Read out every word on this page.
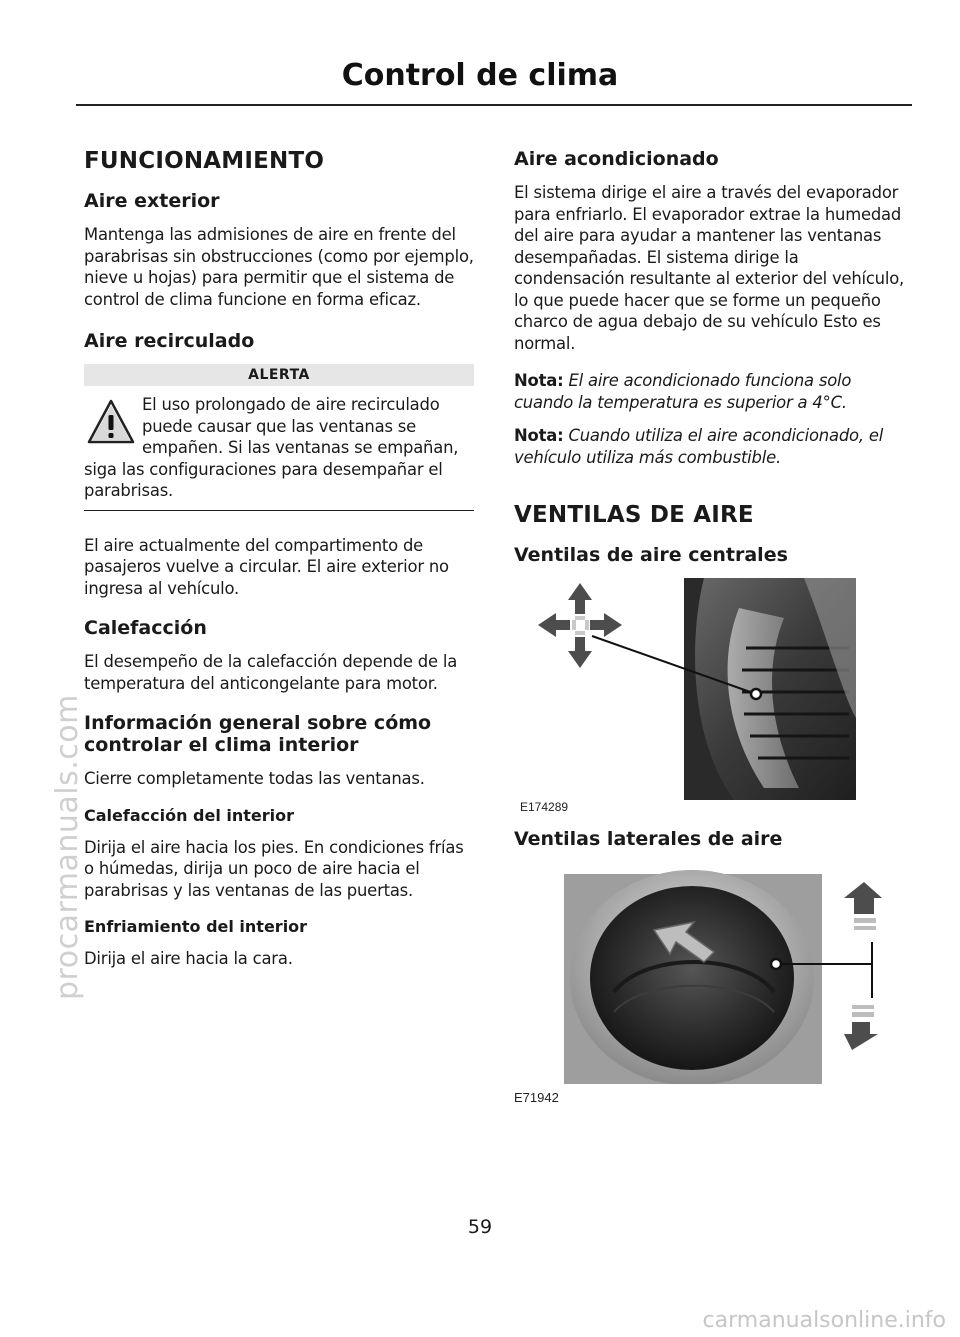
Control de clima
FUNCIONAMIENTO
Aire exterior

Mantenga las admisiones de aire en frente del parabrisas sin obstrucciones (como por ejemplo, nieve u hojas) para permitir que el sistema de control de clima funcione en forma eficaz.

Aire recirculado
ALERTA

El uso prolongado de aire recirculado puede causar que las ventanas se empañen. Si las ventanas se empañan, siga las configuraciones para desempañar el parabrisas.

El aire actualmente del compartimento de pasajeros vuelve a circular. El aire exterior no ingresa al vehículo.

Calefacción

El desempeño de la calefacción depende de la temperatura del anticongelante para motor.

Información general sobre cómo controlar el clima interior

Cierre completamente todas las ventanas.

Calefacción del interior

Dirija el aire hacia los pies. En condiciones frías o húmedas, dirija un poco de aire hacia el parabrisas y las ventanas de las puertas.

Enfriamiento del interior

Dirija el aire hacia la cara.

Aire acondicionado

El sistema dirige el aire a través del evaporador para enfriarlo. El evaporador extrae la humedad del aire para ayudar a mantener las ventanas desempañadas. El sistema dirige la condensación resultante al exterior del vehículo, lo que puede hacer que se forme un pequeño charco de agua debajo de su vehículo Esto es normal.

Nota: El aire acondicionado funciona solo cuando la temperatura es superior a 4°C.
Nota: Cuando utiliza el aire acondicionado, el vehículo utiliza más combustible.
VENTILAS DE AIRE
Ventilas de aire centrales
E174289
Ventilas laterales de aire
E71942
59
procarmanuals.com
carmanualsonline.info
